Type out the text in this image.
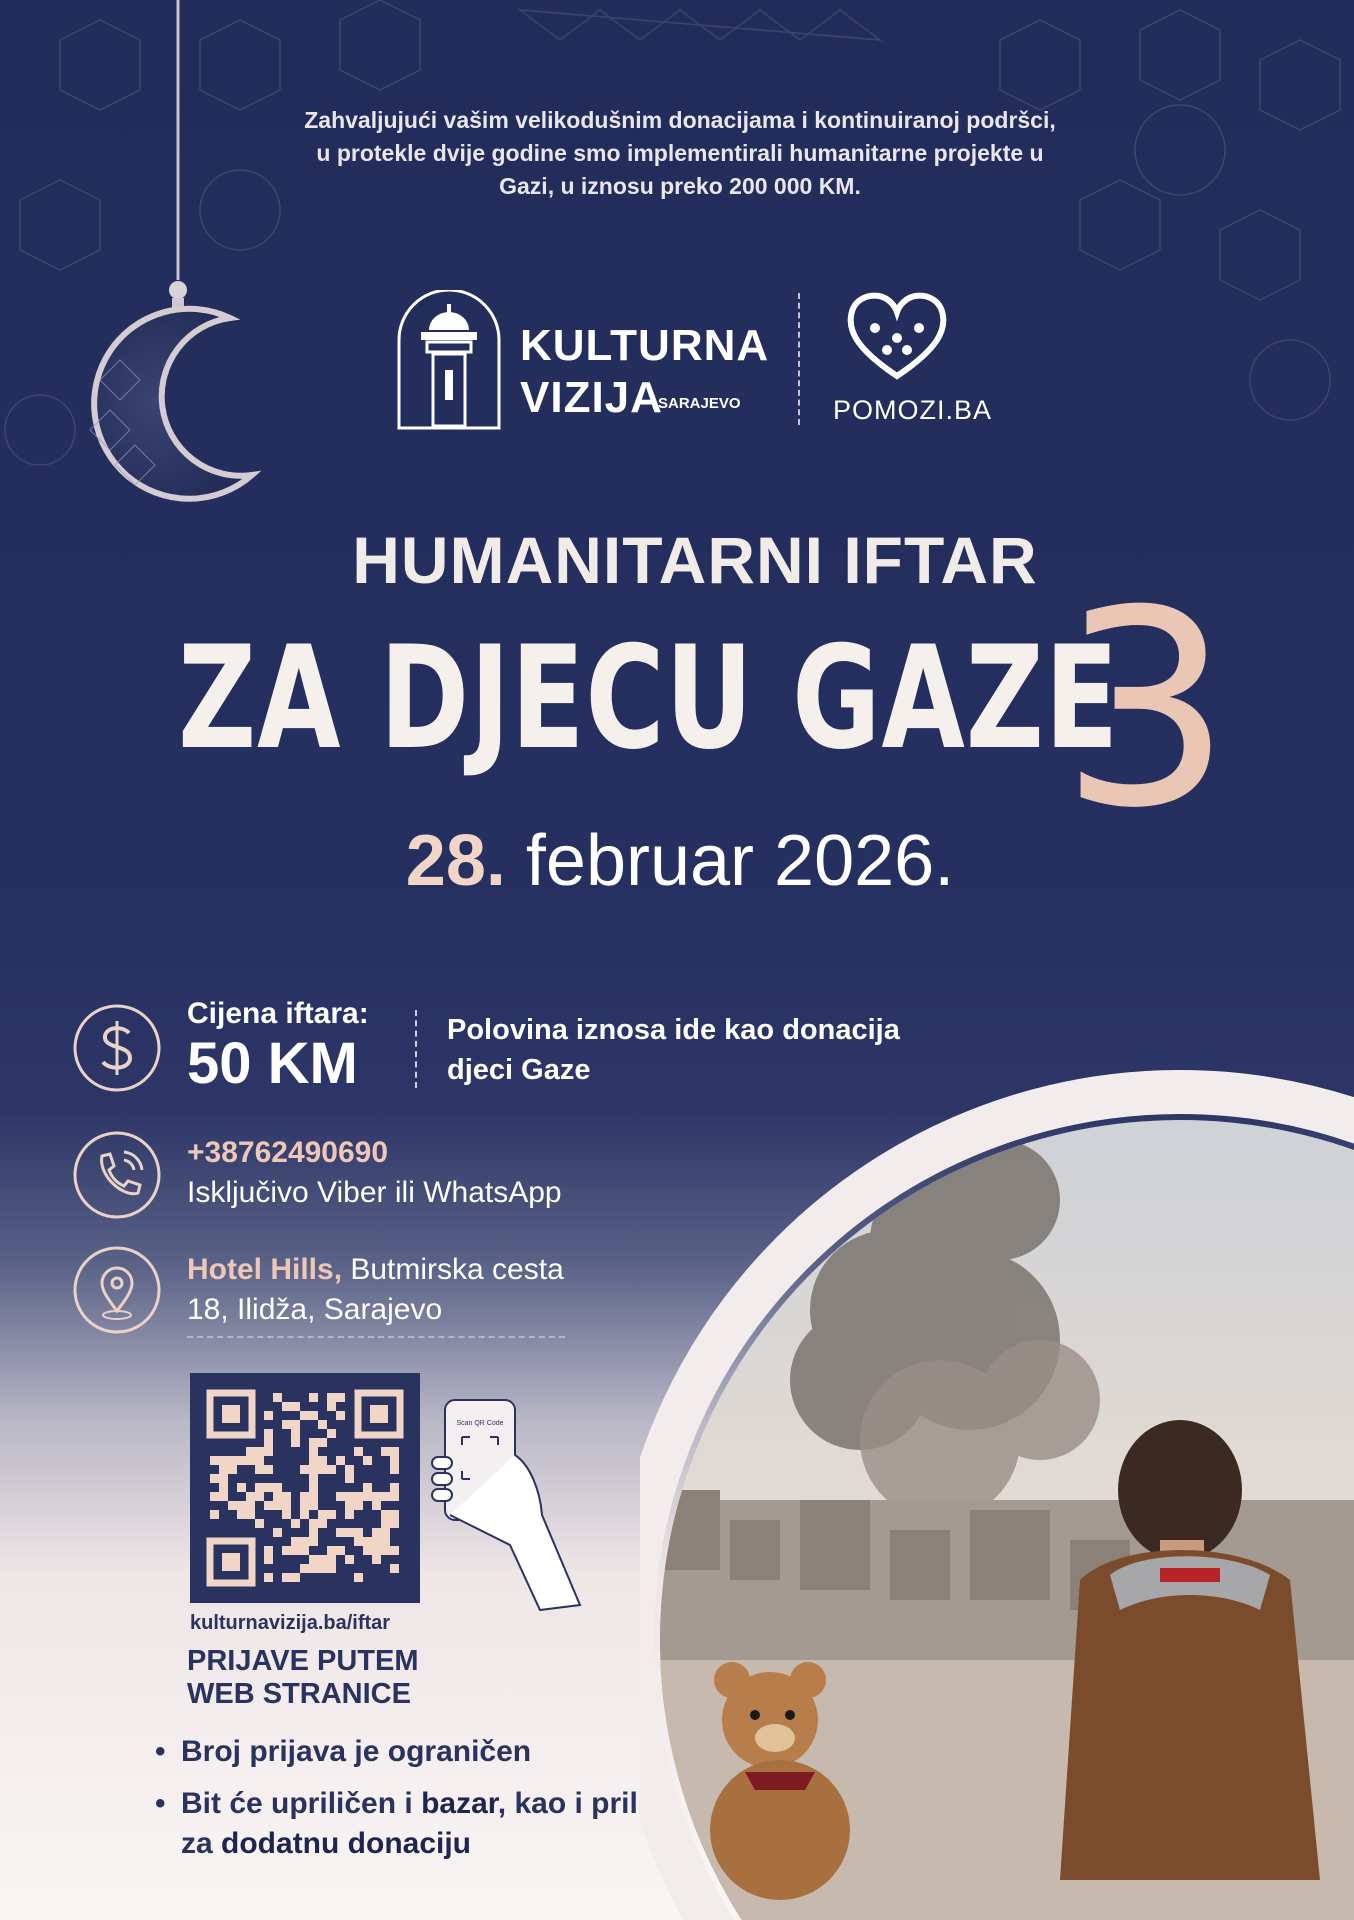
Zahvaljujući vašim velikodušnim donacijama i kontinuiranoj podršci,
u protekle dvije godine smo implementirali humanitarne projekte u
Gazi, u iznosu preko 200 000 KM.
KULTURNA
VIZIJA
SARAJEVO	POMOZI.BA
HUMANITARNI IFTAR
ZA DJECU GAZE
3
28. februar 2026.
Cijena iftara:
50 KM
Polovina iznosa ide kao donacija djeci Gaze
+38762490690
Isključivo Viber ili WhatsApp
Hotel Hills, Butmirska cesta 18, Ilidža, Sarajevo
Scan QR Code
kulturnavizija.ba/iftar
PRIJAVE PUTEM
WEB STRANICE
• Broj prijava je ograničen
• Bit će upriličen i bazar, kao i prilika za dodatnu donaciju
